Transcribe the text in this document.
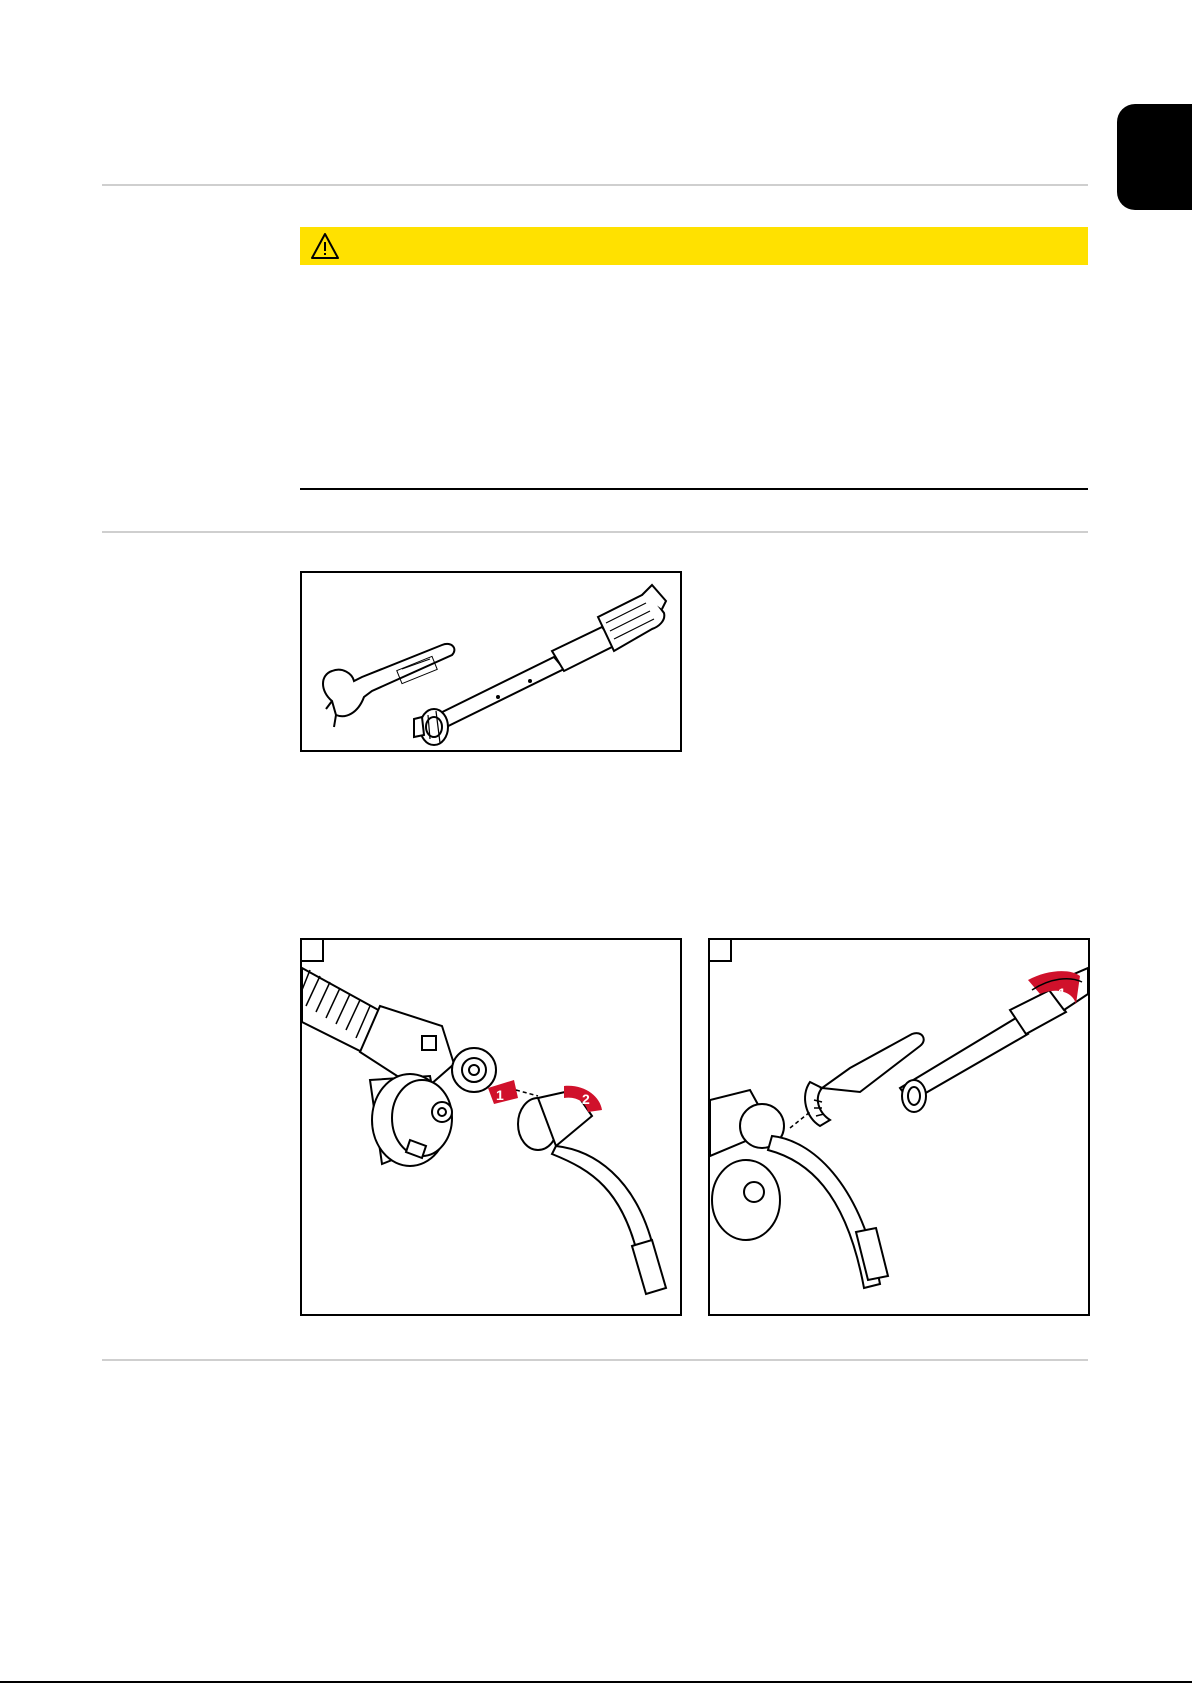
1	2
1
